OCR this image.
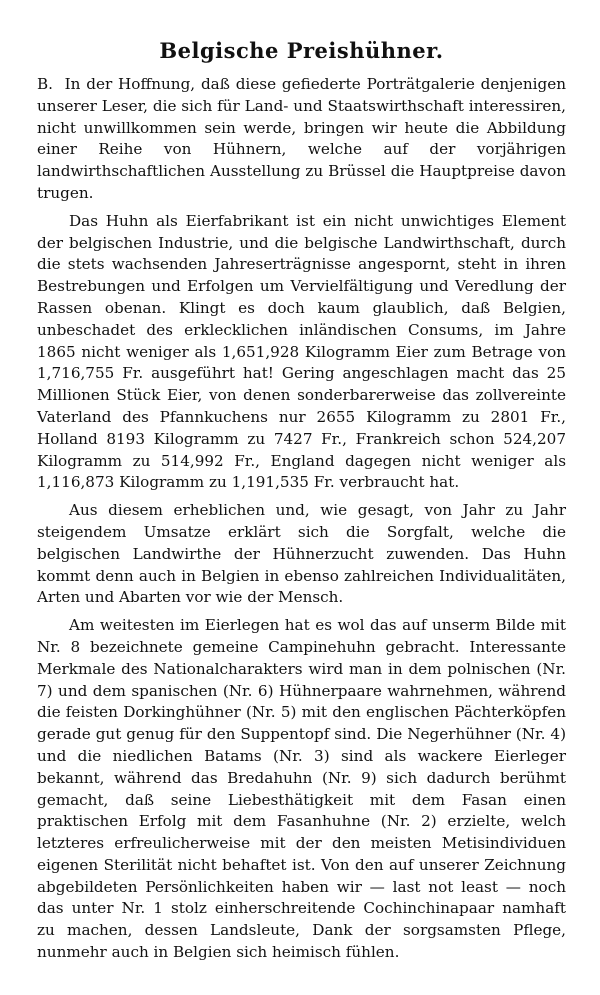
Belgische Preishühner.

B. In der Hoffnung, daß diese gefiederte Porträtgalerie denjenigen unserer Leser, die sich für Land- und Staatswirthschaft interessiren, nicht unwillkommen sein werde, bringen wir heute die Abbildung einer Reihe von Hühnern, welche auf der vorjährigen landwirthschaftlichen Ausstellung zu Brüssel die Hauptpreise davon trugen.

Das Huhn als Eierfabrikant ist ein nicht unwichtiges Element der belgischen Industrie, und die belgische Landwirthschaft, durch die stets wachsenden Jahreserträgnisse angespornt, steht in ihren Bestrebungen und Erfolgen um Vervielfältigung und Veredlung der Rassen obenan. Klingt es doch kaum glaublich, daß Belgien, unbeschadet des erklecklichen inländischen Consums, im Jahre 1865 nicht weniger als 1,651,928 Kilogramm Eier zum Betrage von 1,716,755 Fr. ausgeführt hat! Gering angeschlagen macht das 25 Millionen Stück Eier, von denen sonderbarerweise das zollvereinte Vaterland des Pfannkuchens nur 2655 Kilogramm zu 2801 Fr., Holland 8193 Kilogramm zu 7427 Fr., Frankreich schon 524,207 Kilogramm zu 514,992 Fr., England dagegen nicht weniger als 1,116,873 Kilogramm zu 1,191,535 Fr. verbraucht hat.

Aus diesem erheblichen und, wie gesagt, von Jahr zu Jahr steigendem Umsatze erklärt sich die Sorgfalt, welche die belgischen Landwirthe der Hühnerzucht zuwenden. Das Huhn kommt denn auch in Belgien in ebenso zahlreichen Individualitäten, Arten und Abarten vor wie der Mensch.

Am weitesten im Eierlegen hat es wol das auf unserm Bilde mit Nr. 8 bezeichnete gemeine Campinehuhn gebracht. Interessante Merkmale des Nationalcharakters wird man in dem polnischen (Nr. 7) und dem spanischen (Nr. 6) Hühnerpaare wahrnehmen, während die feisten Dorkinghühner (Nr. 5) mit den englischen Pächterköpfen gerade gut genug für den Suppentopf sind. Die Negerhühner (Nr. 4) und die niedlichen Batams (Nr. 3) sind als wackere Eierleger bekannt, während das Bredahuhn (Nr. 9) sich dadurch berühmt gemacht, daß seine Liebesthätigkeit mit dem Fasan einen praktischen Erfolg mit dem Fasanhuhne (Nr. 2) erzielte, welch letzteres erfreulicherweise mit der den meisten Metisindividuen eigenen Sterilität nicht behaftet ist. Von den auf unserer Zeichnung abgebildeten Persönlichkeiten haben wir — last not least — noch das unter Nr. 1 stolz einherschreitende Cochinchinapaar namhaft zu machen, dessen Landsleute, Dank der sorgsamsten Pflege, nunmehr auch in Belgien sich heimisch fühlen.
